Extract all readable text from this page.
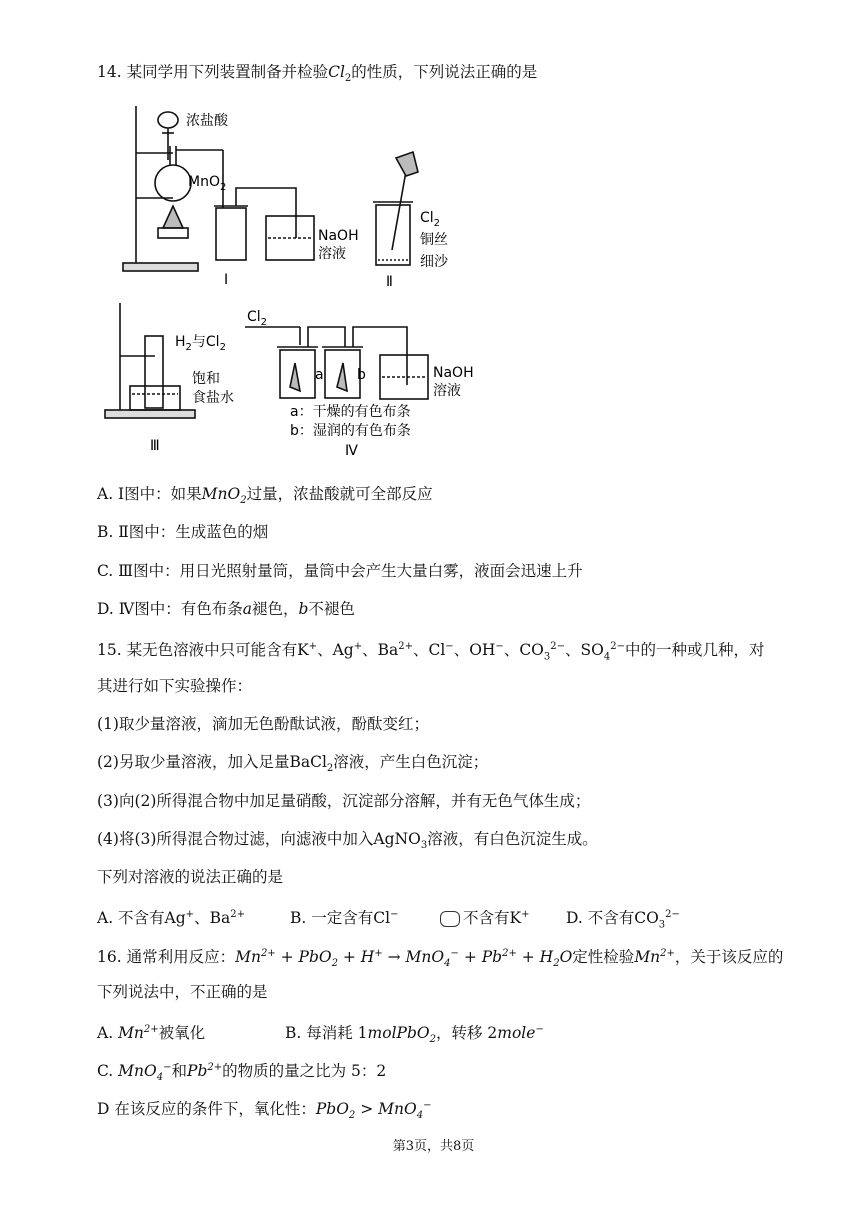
14. 某同学用下列装置制备并检验$Cl_2$的性质，下列说法正确的是
浓盐酸
MnO$_2$
NaOH
溶液
Ⅰ
$Cl_2$
铜丝
细沙
Ⅱ
$H_2$与$Cl_2$
饱和
食盐水
Ⅲ
$Cl_2$
a b	NaOH
溶液
a：干燥的有色布条
b：湿润的有色布条
Ⅳ
A. Ⅰ图中：如果MnO$_2$过量，浓盐酸就可全部反应
B. Ⅱ图中：生成蓝色的烟
C. Ⅲ图中：用日光照射量筒，量筒中会产生大量白雾，液面会迅速上升
D. Ⅳ图中：有色布条a褪色，b不褪色
15. 某无色溶液中只可能含有K+、Ag+、$Ba^{2+}$、Cl−、OH−、$CO_3^{2-}$、$SO_4^{2-}$中的一种或几种，对
其进行如下实验操作：
(1)取少量溶液，滴加无色酚酞试液，酚酞变红；
(2)另取少量溶液，加入足量BaCl$_2$溶液，产生白色沉淀；
(3)向(2)所得混合物中加足量硝酸，沉淀部分溶解，并有无色气体生成；
(4)将(3)所得混合物过滤，向滤液中加入AgNO$_3$溶液，有白色沉淀生成。
下列对溶液的说法正确的是
A. 不含有Ag+、$Ba^{2+}$	B. 一定含有Cl−	不含有K+ D. 不含有$CO_3^{2-}$
16. 通常利用反应：$Mn^{2+} + PbO_2 + H^+ \to MnO_4^- + Pb^{2+} + H_2O$定性检验$Mn^{2+}$，关于该反应的
下列说法中，不正确的是
A. $Mn^{2+}$被氧化	B. 每消耗 1molPbO$_2$，转移 2mole−
C. MnO$_4$−和$Pb^{2+}$的物质的量之比为 5：2
D 在该反应的条件下，氧化性：PbO$_2$ > MnO$_4$−
第3页，共8页
